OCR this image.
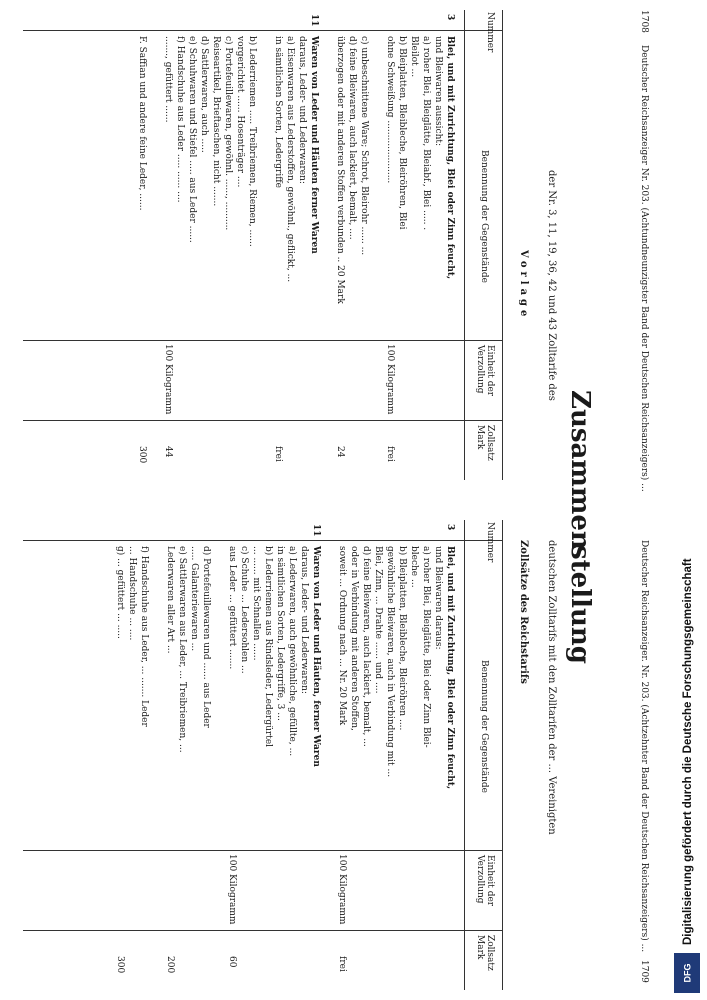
1708
Deutscher Reichsanzeiger Nr. 203. (Achtundneunzigster Band der Deutschen Reichsanzeigers) ...
Deutscher Reichsanzeiger. Nr. 203. (Achtzehnter Band der Deutschen Reichsanzeigers) ...
1709
Zusammen
stellung
der Nr. 3, 11, 19, 36, 42 und 43 Zolltarife des
deutschen Zolltarifs mit den Zolltarifen der ... Vereinigten
Vorlage
Nummer
Benennung der Gegenstände
Einheit der Verzollung
Zollsatz Mark
3
Blei, und mit Zurichtung, Blei oder Zinn feucht,
und Bleiwaren aussicht:
a) roher Blei, Bleiglätte, Bleiabf., Blei ..... .
Bleilot ...
b) Bleiplatten, Bleibleche, Bleiröhren, Blei
ohne Schweißung ......................
100 Kilogramm
frei
c) unbeschnittene Ware; Schrot, Bleirohr ...... ...
d) feine Bleiwaren, auch lackiert, bemalt, ....
überzogen oder mit anderen Stoffen verbunden .. 20 Mark
24
11
Waren von Leder und Häuten ferner Waren
daraus, Leder- und Lederwaren:
a) Eisenwaren aus Lederstoffen, gewöhnl., geflickt, ...
in sämtlichen Sorten, Ledergriffe
frei
b) Lederriemen ..... Treibriemen, Riemen, ......
vorgerichtet ...... Hosenträger ....
c) Portefeuillewaren, gewöhnl. ......, ..........
Reiseartikel, Brieftaschen, nicht .......
d) Sattlerwaren, auch .....
e) Schuhwaren und Stiefel ..... aus Leder ......
f) Handschuhe aus Leder ..... ...... ....
......., gefüttert ......
100 Kilogramm
44
F. Saffian und andere feine Leder, ......
300
Zollsätze des Reichstarifs
Nummer
Benennung der Gegenstände
Einheit der Verzollung
Zollsatz Mark
3
Blei, und mit Zurichtung, Blei oder Zinn feucht,
und Bleiwaren daraus:
a) roher Blei, Bleiglätte, Blei oder Zinn Blei-
bleche ...
b) Bleiplatten, Bleibleche, Bleiröhren ....
gewöhnliche Bleiwaren, auch in Verbindung mit ...
Blei, Zinn, ... Drahte ...... und ....
d) feine Bleiwaren, auch lackiert, bemalt, ...
oder in Verbindung mit anderen Stoffen,
soweit ... Ordnung nach ... Nr. 20 Mark
100 Kilogramm
frei
11
Waren von Leder und Häuten, ferner Waren
daraus, Leder- und Lederwaren:
a) Lederwaren, auch gewöhnliche, gefüllte, ...
in sämtlichen Sorten, Ledergriffe, 3 ...
b) Lederriemen aus Rindsleder, Ledergürtel
... ...... mit Schnallen ......
c) Schuhe ... Ledersohlen ...
aus Leder ... gefüttert .......
100 Kilogramm
60
d) Portefeuillewaren und ...... aus Leder
..... Galanteriewaren ...
e) Sattlerwaren aus Leder, ... Treibriemen, ...
Lederwaren aller Art ...
200
f) Handschuhe aus Leder, ... ....... Leder
... Handschuhe ... ....
g) ... gefüttert ... .....
300
Digitalisierung gefördert durch die Deutsche Forschungsgemeinschaft
DFG
